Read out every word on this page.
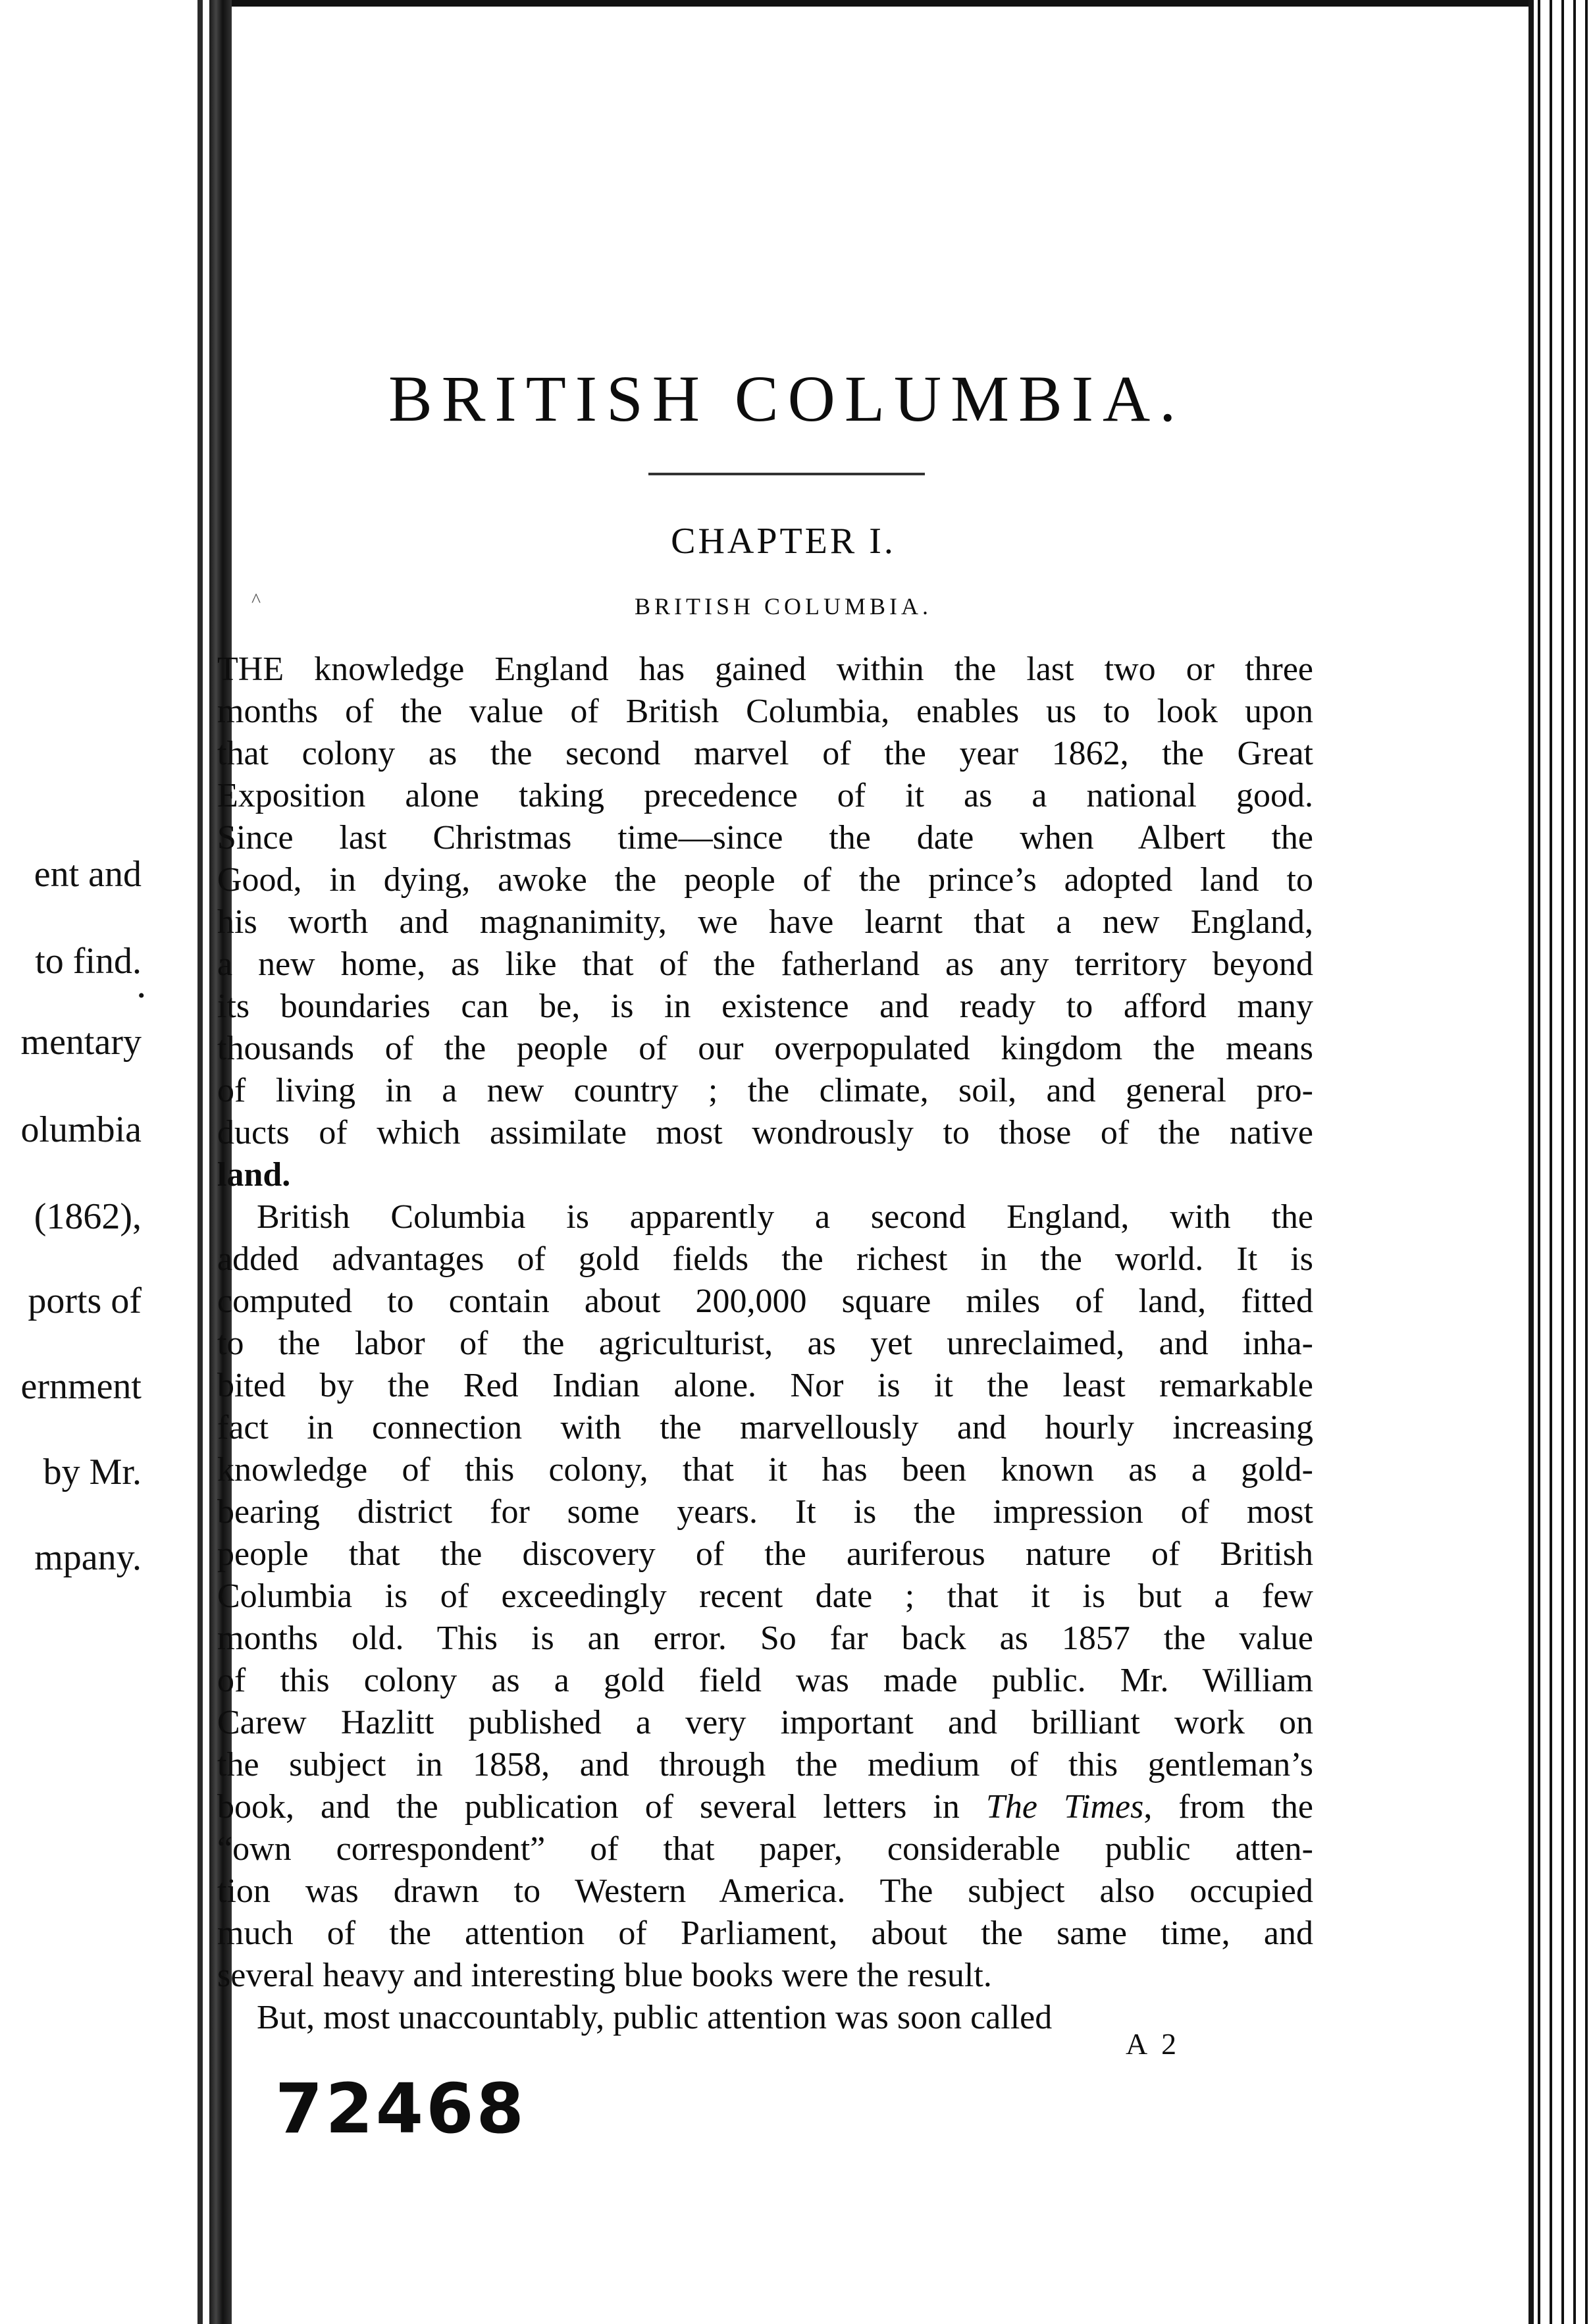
ent and
to find.
•
mentary
olumbia
(1862),
ports of
ernment
by Mr.
mpany.
BRITISH COLUMBIA.
CHAPTER I.
^	BRITISH COLUMBIA.
THE knowledge England has gained within the last two or three
months of the value of British Columbia, enables us to look upon
that colony as the second marvel of the year 1862, the Great
Exposition alone taking precedence of it as a national good.
Since last Christmas time—since the date when Albert the
Good, in dying, awoke the people of the prince’s adopted land to
his worth and magnanimity, we have learnt that a new England,
a new home, as like that of the fatherland as any territory beyond
its boundaries can be, is in existence and ready to afford many
thousands of the people of our overpopulated kingdom the means
of living in a new country ; the climate, soil, and general pro-
ducts of which assimilate most wondrously to those of the native
land.
British Columbia is apparently a second England, with the
added advantages of gold fields the richest in the world. It is
computed to contain about 200,000 square miles of land, fitted
to the labor of the agriculturist, as yet unreclaimed, and inha-
bited by the Red Indian alone. Nor is it the least remarkable
fact in connection with the marvellously and hourly increasing
knowledge of this colony, that it has been known as a gold-
bearing district for some years. It is the impression of most
people that the discovery of the auriferous nature of British
Columbia is of exceedingly recent date ; that it is but a few
months old. This is an error. So far back as 1857 the value
of this colony as a gold field was made public. Mr. William
Carew Hazlitt published a very important and brilliant work on
the subject in 1858, and through the medium of this gentleman’s
book, and the publication of several letters in The Times, from the
“own correspondent” of that paper, considerable public atten-
tion was drawn to Western America. The subject also occupied
much of the attention of Parliament, about the same time, and
several heavy and interesting blue books were the result.
But, most unaccountably, public attention was soon called
A 2
72468
